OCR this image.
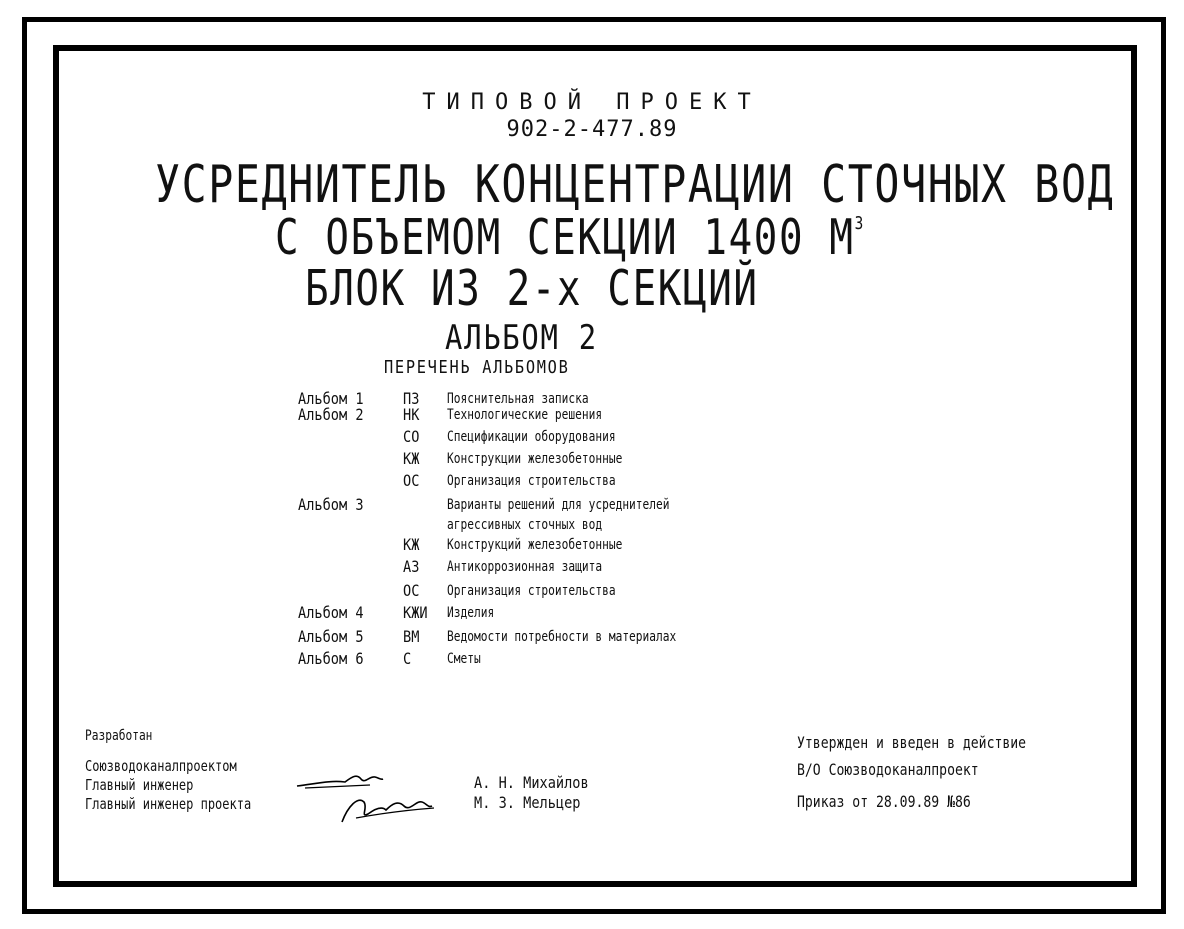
ТИПОВОЙ ПРОЕКТ
902-2-477.89
УСРЕДНИТЕЛЬ КОНЦЕНТРАЦИИ СТОЧНЫХ ВОД
С ОБЪЕМОМ СЕКЦИИ 1400 $М^3$
БЛОК ИЗ 2-х СЕКЦИЙ
АЛЬБОМ 2
ПЕРЕЧЕНЬ АЛЬБОМОВ
Альбом 1 ПЗ Пояснительная записка
Альбом 2 НК Технологические решения
СО Спецификации оборудования
КЖ Конструкции железобетонные
ОС Организация строительства
Альбом 3	Варианты решений для усреднителей
агрессивных сточных вод
КЖ Конструкций железобетонные
АЗ Антикоррозионная защита
ОС Организация строительства
Альбом 4 КЖИ Изделия
Альбом 5 ВМ Ведомости потребности в материалах
Альбом 6 С	Сметы
Разработан
Союзводоканалпроектом
Главный инженер
Главный инженер проекта
А. Н. Михайлов
М. З. Мельцер
Утвержден и введен в действие
В/О Союзводоканалпроект
Приказ от 28.09.89 №86
